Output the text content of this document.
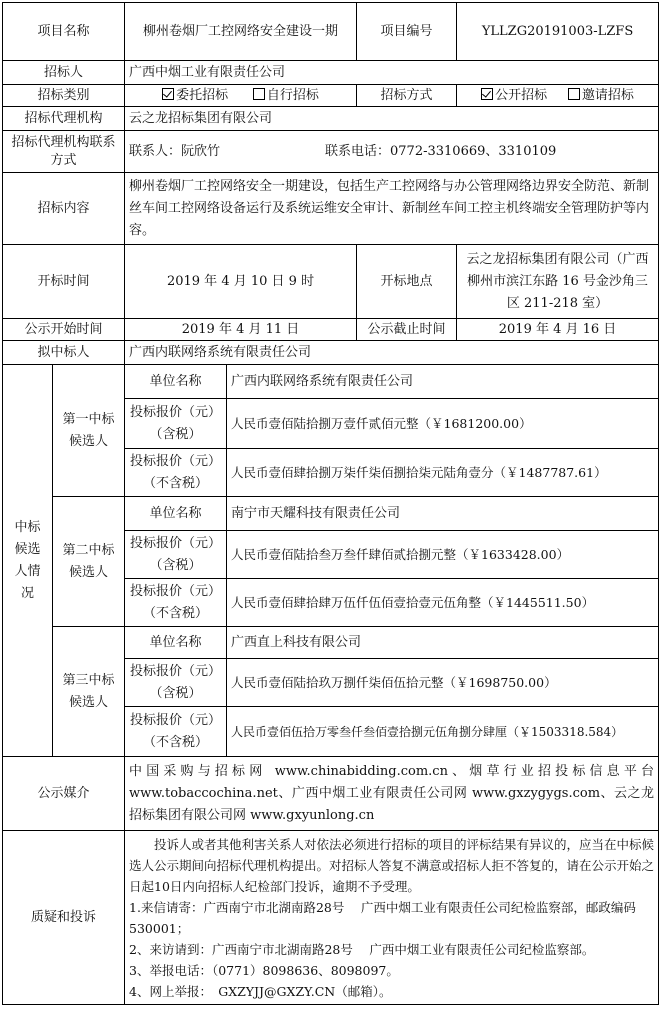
项目名称		柳州卷烟厂工控网络安全建设一期		项目编号	YLLZG20191003-LZFS
招标人		广西中烟工业有限责任公司			
招标类别		委托招标 自行招标		招标方式	公开招标 邀请招标
招标代理机构		云之龙招标集团有限公司			
招标代理机构联系方式		联系人：阮欣竹 联系电话：0772-3310669、3310109			
招标内容		柳州卷烟厂工控网络安全一期建设，包括生产工控网络与办公管理网络边界安全防范、新制丝车间工控网络设备运行及系统运维安全审计、新制丝车间工控主机终端安全管理防护等内容。			
开标时间		2019 年 4 月 10 日 9 时		开标地点	云之龙招标集团有限公司（广西柳州市滨江东路 16 号金沙角三区 211-218 室）
公示开始时间		2019 年 4 月 11 日		公示截止时间	2019 年 4 月 16 日
拟中标人		广西内联网络系统有限责任公司			
中标候选人情况	第一中标候选人	单位名称	广西内联网络系统有限责任公司		
		投标报价（元）（含税）	人民币壹佰陆拾捌万壹仟贰佰元整（￥1681200.00）		
		投标报价（元）（不含税）	人民币壹佰肆拾捌万柒仟柒佰捌拾柒元陆角壹分（￥1487787.61）		
	第二中标候选人	单位名称	南宁市天耀科技有限责任公司		
		投标报价（元）（含税）	人民币壹佰陆拾叁万叁仟肆佰贰拾捌元整（￥1633428.00）		
		投标报价（元）（不含税）	人民币壹佰肆拾肆万伍仟伍佰壹拾壹元伍角整（￥1445511.50）		
	第三中标候选人	单位名称	广西直上科技有限公司		
		投标报价（元）（含税）	人民币壹佰陆拾玖万捌仟柒佰伍拾元整（￥1698750.00）		
		投标报价（元）（不含税）	人民币壹佰伍拾万零叁仟叁佰壹拾捌元伍角捌分肆厘（￥1503318.584）		
公示媒介		中国采购与招标网 www.chinabidding.com.cn、烟草行业招投标信息平台 www.tobaccochina.net、广西中烟工业有限责任公司网 www.gxzygygs.com、云之龙招标集团有限公司网 www.gxyunlong.cn			
质疑和投诉		投诉人或者其他利害关系人对依法必须进行招标的项目的评标结果有异议的，应当在中标候选人公示期间向招标代理机构提出。对招标人答复不满意或招标人拒不答复的，请在公示开始之日起10日内向招标人纪检部门投诉，逾期不予受理。
1.来信请寄：广西南宁市北湖南路28号　 广西中烟工业有限责任公司纪检监察部，邮政编码530001；
2、来访请到：广西南宁市北湖南路28号　 广西中烟工业有限责任公司纪检监察部。
3、举报电话：（0771）8098636、8098097。
4、网上举报：　GXZYJJ@GXZY.CN（邮箱）。			
